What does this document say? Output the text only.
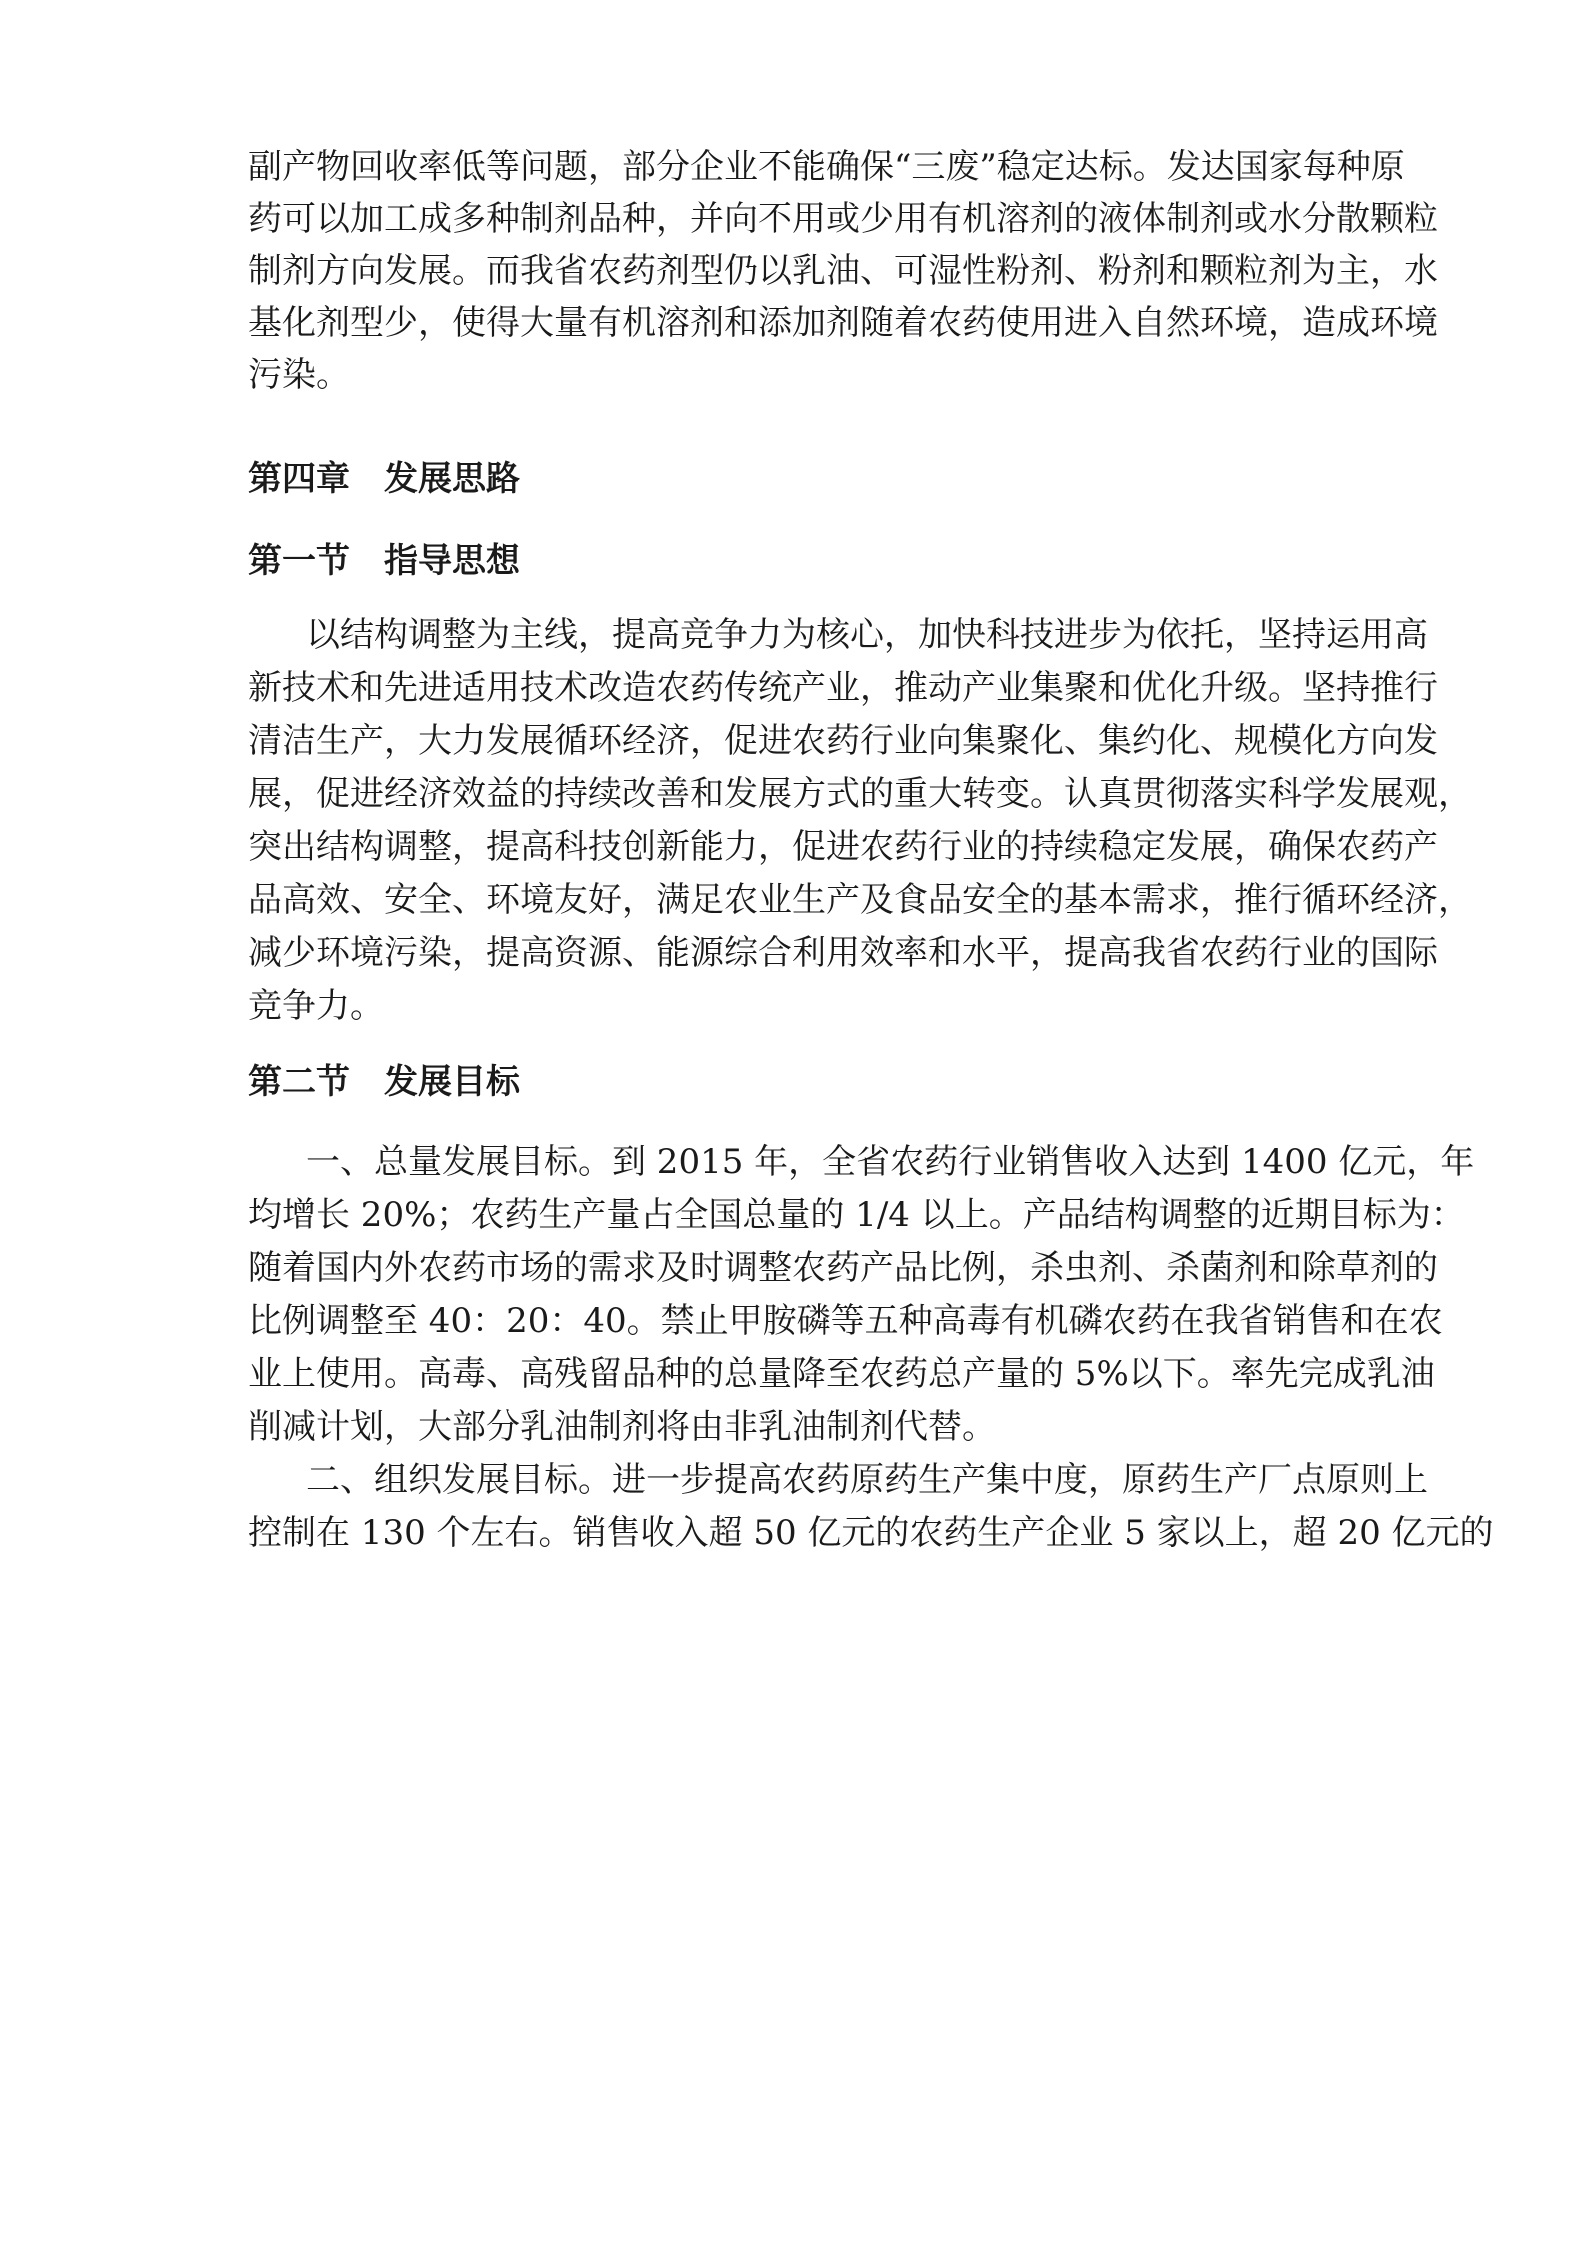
副产物回收率低等问题，部分企业不能确保“三废”稳定达标。发达国家每种原
药可以加工成多种制剂品种，并向不用或少用有机溶剂的液体制剂或水分散颗粒
制剂方向发展。而我省农药剂型仍以乳油、可湿性粉剂、粉剂和颗粒剂为主，水
基化剂型少，使得大量有机溶剂和添加剂随着农药使用进入自然环境，造成环境
污染。
第四章　发展思路
第一节　指导思想
以结构调整为主线，提高竞争力为核心，加快科技进步为依托，坚持运用高
新技术和先进适用技术改造农药传统产业，推动产业集聚和优化升级。坚持推行
清洁生产，大力发展循环经济，促进农药行业向集聚化、集约化、规模化方向发
展，促进经济效益的持续改善和发展方式的重大转变。认真贯彻落实科学发展观，
突出结构调整，提高科技创新能力，促进农药行业的持续稳定发展，确保农药产
品高效、安全、环境友好，满足农业生产及食品安全的基本需求，推行循环经济，
减少环境污染，提高资源、能源综合利用效率和水平，提高我省农药行业的国际
竞争力。
第二节　发展目标
一、总量发展目标。到 2015 年，全省农药行业销售收入达到 1400 亿元，年
均增长 20%；农药生产量占全国总量的 1/4 以上。产品结构调整的近期目标为：
随着国内外农药市场的需求及时调整农药产品比例，杀虫剂、杀菌剂和除草剂的
比例调整至 40：20：40。禁止甲胺磷等五种高毒有机磷农药在我省销售和在农
业上使用。高毒、高残留品种的总量降至农药总产量的 5%以下。率先完成乳油
削减计划，大部分乳油制剂将由非乳油制剂代替。
二、组织发展目标。进一步提高农药原药生产集中度，原药生产厂点原则上
控制在 130 个左右。销售收入超 50 亿元的农药生产企业 5 家以上，超 20 亿元的
